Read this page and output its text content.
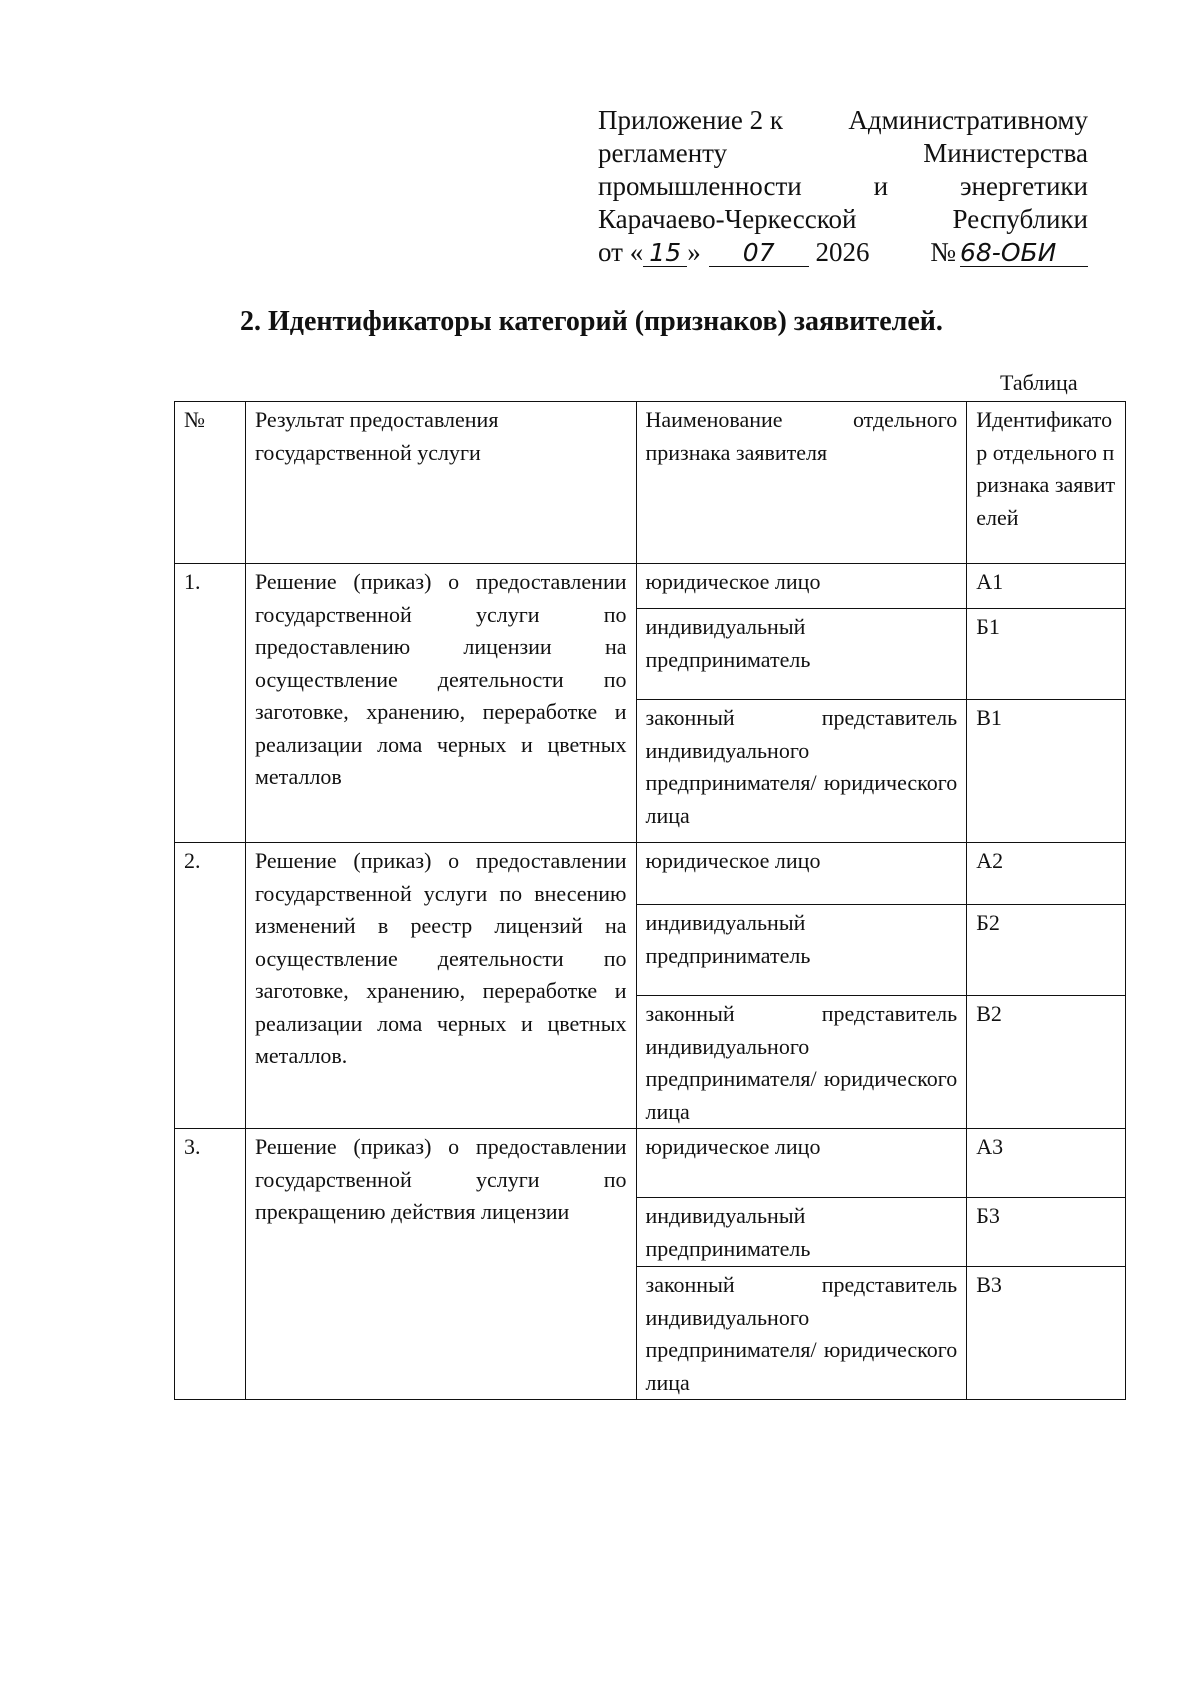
Приложение 2 к Административному
регламенту	Министерства
промышленности	и	энергетики
Карачаево-Черкесской	Республики
от « 15 » 07 2026 № 68-ОБИ
2. Идентификаторы категорий (признаков) заявителей.
Таблица
№	Результат предоставления государственной услуги	Наименование отдельного признака заявителя	Идентификатор отдельного признака заявителей
1.	Решение (приказ) о предоставлении государственной услуги по предоставлению лицензии на осуществление деятельности по заготовке, хранению, переработке и реализации лома черных и цветных металлов	юридическое лицо	А1
		индивидуальный предприниматель	Б1
		законный представитель индивидуального предпринимателя/ юридического лица	В1
2.	Решение (приказ) о предоставлении государственной услуги по внесению изменений в реестр лицензий на осуществление деятельности по заготовке, хранению, переработке и реализации лома черных и цветных металлов.	юридическое лицо	А2
		индивидуальный предприниматель	Б2
		законный представитель индивидуального предпринимателя/ юридического лица	В2
3.	Решение (приказ) о предоставлении государственной услуги по прекращению действия лицензии	юридическое лицо	А3
		индивидуальный предприниматель	Б3
		законный представитель индивидуального предпринимателя/ юридического лица	В3
